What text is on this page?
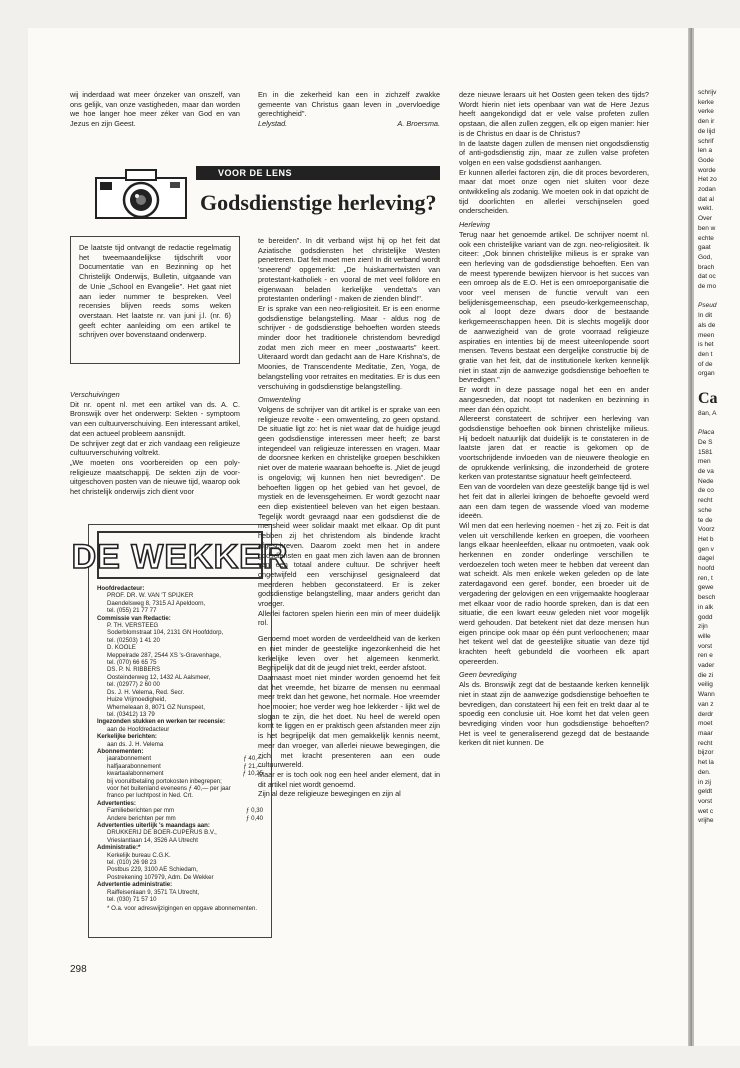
schrijv
kerke
verke
den ir
de lijd
schrif
len a
Gode
worde
Het zo
zodan
dat al
wekt.
Over
ben w
echte
gaat
God,
brach
dat oc
de mo

Pseud
In dit
als de
meen
is het
den t
of de
organ

Ca
8an, A

Placa
De S
1581
men
de va
Nede
de co
recht
sche
te de
Voorz
Het b
gen v
dagel
hoofd
ren, t
gewe
besch
in alk
godd
zijn
wille
vorst
ren e
vader
die zi
veilig
Wann
van z
derdr
moet
maar
recht
bijzor
het la
den.
in zij
geldt
vorst
wet c
vrijhe

wij inderdaad wat meer ónzeker van onszelf, van ons gelijk, van onze vastigheden, maar dan worden we hoe langer hoe meer zéker van God en van Jezus en zijn Geest.

En in die zekerheid kan een in zichzelf zwakke gemeente van Christus gaan leven in „overvloedige gerechtigheid".

Lelystad.	A. Broersma.
VOOR DE LENS
Godsdienstige herleving?
De laatste tijd ontvangt de redactie regelmatig het tweemaandelijkse tijdschrift voor Documentatie van en Bezinning op het Christelijk Onderwijs, Bulletin, uitgaande van de Unie „School en Evangelie". Het gaat niet aan ieder nummer te bespreken. Veel recensies blijven reeds soms weken overstaan. Het laatste nr. van juni j.l. (nr. 6) geeft echter aanleiding om een artikel te schrijven over bovenstaand onderwerp.
Verschuivingen

Dit nr. opent nl. met een artikel van ds. A. C. Bronswijk over het onderwerp: Sekten - symptoom van een cultuurverschuiving. Een interessant artikel, dat een actueel probleem aansnijdt.

De schrijver zegt dat er zich vandaag een religieuze cultuurverschuiving voltrekt.

„We moeten ons voorbereiden op een poly-religieuze maatschappij. De sekten zijn de voor-uitgeschoven posten van de nieuwe tijd, waarop ook het christelijk onderwijs zich dient voor

DE WEKKER
Hoofdredacteur:
PROF. DR. W. VAN 'T SPIJKER
Daendelsweg 8, 7315 AJ Apeldoorn,
tel. (055) 21 77 77
Commissie van Redactie:
P. TH. VERSTEEG
Soderblomstraat 104, 2131 GN Hoofddorp,
tel. (02503) 1 41 20
D. KOOLE
Meppelrade 287, 2544 XS 's-Gravenhage,
tel. (070) 66 65 75
DS. P. N. RIBBERS
Oosteinderweg 12, 1432 AL Aalsmeer,
tel. (02977) 2 60 00
Ds. J. H. Velema, Red. Secr.
Huize Vrijmoedigheid,
Wherneleaan 8, 8071 GZ Nunspeet,
tel. (03412) 13 79
Ingezonden stukken en werken ter recensie:
aan de Hoofdredacteur
Kerkelijke berichten:
aan ds. J. H. Velema
Abonnementen:
jaarabonnement	ƒ 40,—
halfjaarabonnement	ƒ 21,—
kwartaalabonnement	ƒ 10,25
bij vooruitbetaling portokosten inbegrepen;
voor het buitenland eveneens ƒ 40,— per jaar
franco per luchtpost in Ned. Crt.
Advertenties:
Familieberichten per mm	ƒ 0,30
Andere berichten per mm	ƒ 0,40
Advertenties uiterlijk 's maandags aan:
DRUKKERIJ DE BOER-CUPERUS B.V.,
Vrieslantlaan 14, 3526 AA Utrecht
Administratie:*
Kerkelijk bureau C.G.K.
tel. (010) 26 98 23
Postbus 229, 3100 AE Schiedam,
Postrekening 107979, Adm. De Wekker
Advertentie administratie:
Raiffeisenlaan 9, 3571 TA Utrecht,
tel. (030) 71 57 10
* O.a. voor adreswijzigingen en opgave abonnementen.

te bereiden". In dit verband wijst hij op het feit dat Aziatische godsdiensten het christelijke Westen penetreren. Dat feit moet men zien! In dit verband wordt 'sneerend' opgemerkt: „De huiskamertwisten van protestant-katholiek - en vooral de met veel folklore en eigenwaan beladen kerkelijke vendetta's van protestanten onderling! - maken de zienden blind!".

Er is sprake van een neo-religiositeit. Er is een enorme godsdienstige belangstelling. Maar - aldus nog de schrijver - de godsdienstige behoeften worden steeds minder door het traditionele christendom bevredigd zodat men zich meer en meer „oostwaarts" keert. Uiteraard wordt dan gedacht aan de Hare Krishna's, de Moonies, de Transcendente Meditatie, Zen, Yoga, de belangstelling voor retraites en meditaties. Er is dus een verschuiving in godsdienstige belangstelling.

Omwenteling

Volgens de schrijver van dit artikel is er sprake van een religieuze revolte - een omwenteling, zo geen opstand. De situatie ligt zo: het is niet waar dat de huidige jeugd geen godsdienstige interessen meer heeft; ze barst integendeel van religieuze interessen en vragen. Maar de doorsnee kerken en christelijke groepen beschikken niet over de materie waaraan behoefte is. „Niet de jeugd is ongelovig; wij kunnen hen niet bevredigen". De behoeften liggen op het gebied van het gevoel, de mystiek en de levensgeheimen. Er wordt gezocht naar een diep existentieel beleven van het eigen bestaan. Tegelijk wordt gevraagd naar een godsdienst die de mensheid weer solidair maakt met elkaar. Op dit punt hebben zij het christendom als bindende kracht afgeschreven. Daarom zoekt men het in andere godsdiensten en gaat men zich laven aan de bronnen van een totaal andere cultuur. De schrijver heeft ongetwijfeld een verschijnsel gesignaleerd dat meerderen hebben geconstateerd. Er is zeker godsdienstige belangstelling, maar anders gericht dan vroeger.

Allerlei factoren spelen hierin een min of meer duidelijk rol.

Genoemd moet worden de verdeeldheid van de kerken en niet minder de geestelijke ingezonkenheid die het kerkelijke leven over het algemeen kenmerkt. Begrijpelijk dat dit de jeugd niet trekt, eerder afstoot.

Daarnaast moet niet minder worden genoemd het feit dat het vreemde, het bizarre de mensen nu eenmaal meer trekt dan het gewone, het normale. Hoe vreemder hoe mooier; hoe verder weg hoe lekkerder - lijkt wel de slogan te zijn, die het doet. Nu heel de wereld open komt te liggen en er praktisch geen afstanden meer zijn is het begrijpelijk dat men gemakkelijk kennis neemt, meer dan vroeger, van allerlei nieuwe bewegingen, die zich met kracht presenteren aan een oude cultuurwereld.

Maar er is toch ook nog een heel ander element, dat in dit artikel niet wordt genoemd.

Zijn al deze religieuze bewegingen en zijn al

deze nieuwe leraars uit het Oosten geen teken des tijds? Wordt hierin niet iets openbaar van wat de Here Jezus heeft aangekondigd dat er vele valse profeten zullen opstaan, die allen zullen zeggen, elk op eigen manier: hier is de Christus en daar is de Christus?

In de laatste dagen zullen de mensen niet ongodsdienstig of anti-godsdienstig zijn, maar ze zullen valse profeten volgen en een valse godsdienst aanhangen.

Er kunnen allerlei factoren zijn, die dit proces bevorderen, maar dat moet onze ogen niet sluiten voor deze ontwikkeling als zodanig. We moeten ook in dat opzicht de tijd doorlichten en allerlei verschijnselen goed onderscheiden.

Herleving

Terug naar het genoemde artikel. De schrijver noemt nl. ook een christelijke variant van de zgn. neo-religiositeit. Ik citeer: „Ook binnen christelijke milieus is er sprake van een herleving van de godsdienstige behoeften. Een van de meest typerende bewijzen hiervoor is het succes van een omroep als de E.O. Het is een omroeporganisatie die voor veel mensen de functie vervult van een belijdenisgemeenschap, een pseudo-kerkgemeenschap, ook al loopt deze dwars door de bestaande kerkgemeenschappen heen. Dit is slechts mogelijk door de aanwezigheid van de grote voorraad religieuze aspiraties en intenties bij de meest uiteenlopende soort mensen. Tevens bestaat een dergelijke constructie bij de gratie van het feit, dat de institutionele kerken kennelijk niet in staat zijn de aanwezige godsdienstige behoeften te bevredigen."

Er wordt in deze passage nogal het een en ander aangesneden, dat noopt tot nadenken en bezinning in meer dan één opzicht.

Allereerst constateert de schrijver een herleving van godsdienstige behoeften ook binnen christelijke milieus. Hij bedoelt natuurlijk dat duidelijk is te constateren in de laatste jaren dat er reactie is gekomen op de voortschrijdende invloeden van de nieuwere theologie en de oprukkende verlinksing, die inzonderheid de grotere kerken van protestantse signatuur heeft geïnfecteerd.

Een van de voordelen van deze geestelijk bange tijd is wel het feit dat in allerlei kringen de behoefte gevoeld werd aan een dam tegen de wassende vloed van moderne ideeën.

Wil men dat een herleving noemen - het zij zo. Feit is dat velen uit verschillende kerken en groepen, die voorheen langs elkaar heenleefden, elkaar nu ontmoeten, vaak ook herkennen en zonder onderlinge verschillen te verdoezelen toch weten meer te hebben dat vereent dan wat scheidt. Als men enkele weken geleden op de late zaterdagavond een geref. bonder, een broeder uit de vergadering der gelovigen en een vrijgemaakte hoogleraar met elkaar voor de radio hoorde spreken, dan is dat een situatie, die een kwart eeuw geleden niet voor mogelijk werd gehouden. Dat betekent niet dat deze mensen hun eigen principe ook maar op één punt verloochenen; maar het tekent wel dat de geestelijke situatie van deze tijd krachten heeft gebundeld die voorheen elk apart opereerden.

Geen bevrediging

Als ds. Bronswijk zegt dat de bestaande kerken kennelijk niet in staat zijn de aanwezige godsdienstige behoeften te bevredigen, dan constateert hij een feit en trekt daar al te spoedig een conclusie uit. Hoe komt het dat velen geen bevrediging vinden voor hun godsdienstige behoeften? Het is veel te generaliserend gezegd dat de bestaande kerken dit niet kunnen. De

298
